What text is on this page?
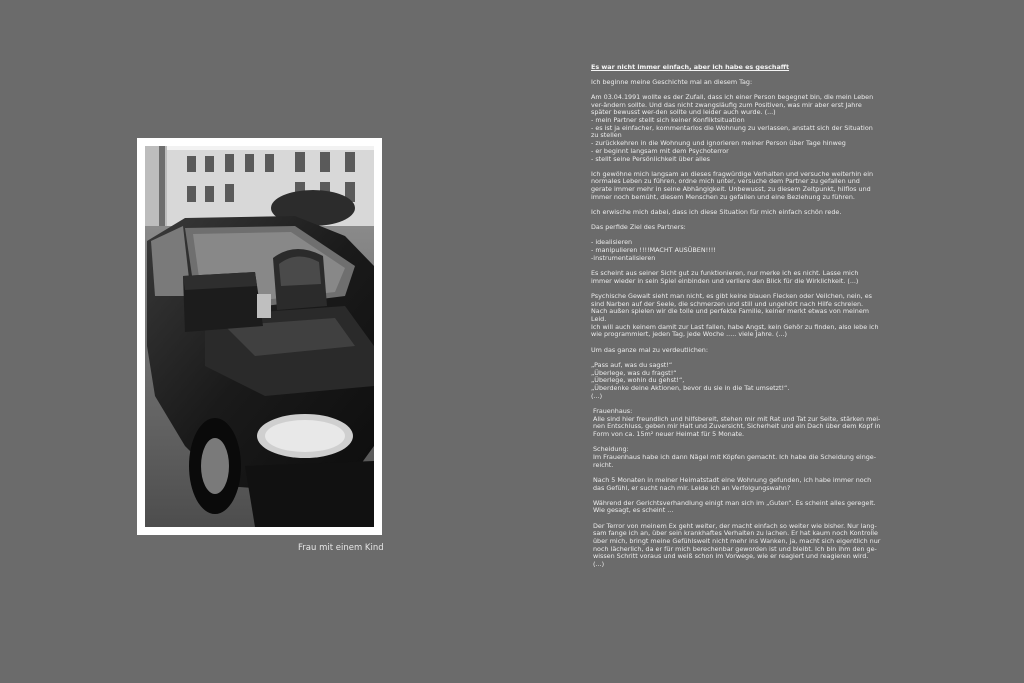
Frau mit einem Kind
Es war nicht immer einfach, aber ich habe es geschafft

Ich beginne meine Geschichte mal an diesem Tag:

Am 03.04.1991 wollte es der Zufall, dass ich einer Person begegnet bin, die mein Leben ver-ändern sollte. Und das nicht zwangsläufig zum Positiven, was mir aber erst Jahre später bewusst wer-den sollte und leider auch wurde. (...)
- mein Partner stellt sich keiner Konfliktsituation
- es ist ja einfacher, kommentarlos die Wohnung zu verlassen, anstatt sich der Situation zu stellen
- zurückkehren in die Wohnung und ignorieren meiner Person über Tage hinweg
- er beginnt langsam mit dem Psychoterror
- stellt seine Persönlichkeit über alles

Ich gewöhne mich langsam an dieses fragwürdige Verhalten und versuche weiterhin ein normales Leben zu führen, ordne mich unter, versuche dem Partner zu gefallen und gerate immer mehr in seine Abhängigkeit. Unbewusst, zu diesem Zeitpunkt, hilflos und immer noch bemüht, diesem Menschen zu gefallen und eine Beziehung zu führen.

Ich erwische mich dabei, dass ich diese Situation für mich einfach schön rede.

Das perfide Ziel des Partners:

- idealisieren
- manipulieren !!!!MACHT AUSÜBEN!!!!
-instrumentalisieren

Es scheint aus seiner Sicht gut zu funktionieren, nur merke ich es nicht. Lasse mich immer wieder in sein Spiel einbinden und verliere den Blick für die Wirklichkeit. (...)

Psychische Gewalt sieht man nicht, es gibt keine blauen Flecken oder Veilchen, nein, es sind Narben auf der Seele, die schmerzen und still und ungehört nach Hilfe schreien.
Nach außen spielen wir die tolle und perfekte Familie, keiner merkt etwas von meinem Leid.
Ich will auch keinem damit zur Last fallen, habe Angst, kein Gehör zu finden, also lebe ich wie programmiert, jeden Tag, jede Woche ..... viele Jahre. (...)

Um das ganze mal zu verdeutlichen:

„Pass auf, was du sagst!“
„Überlege, was du fragst!“
„Überlege, wohin du gehst!“,
„Überdenke deine Aktionen, bevor du sie in die Tat umsetzt!“.
(...)

Frauenhaus:
Alle sind hier freundlich und hilfsbereit, stehen mir mit Rat und Tat zur Seite, stärken mei-nen Entschluss, geben mir Halt und Zuversicht, Sicherheit und ein Dach über dem Kopf in Form von ca. 15m² neuer Heimat für 5 Monate.

Scheidung:
Im Frauenhaus habe ich dann Nägel mit Köpfen gemacht. Ich habe die Scheidung einge-reicht.

Nach 5 Monaten in meiner Heimatstadt eine Wohnung gefunden, ich habe immer noch das Gefühl, er sucht nach mir. Leide ich an Verfolgungswahn?

Während der Gerichtsverhandlung einigt man sich im „Guten“. Es scheint alles geregelt. Wie gesagt, es scheint ...

Der Terror von meinem Ex geht weiter, der macht einfach so weiter wie bisher. Nur lang-sam fange ich an, über sein krankhaftes Verhalten zu lachen. Er hat kaum noch Kontrolle über mich, bringt meine Gefühlswelt nicht mehr ins Wanken, ja, macht sich eigentlich nur noch lächerlich, da er für mich berechenbar geworden ist und bleibt. Ich bin ihm den ge-wissen Schritt voraus und weiß schon im Vorwege, wie er reagiert und reagieren wird. (...)
